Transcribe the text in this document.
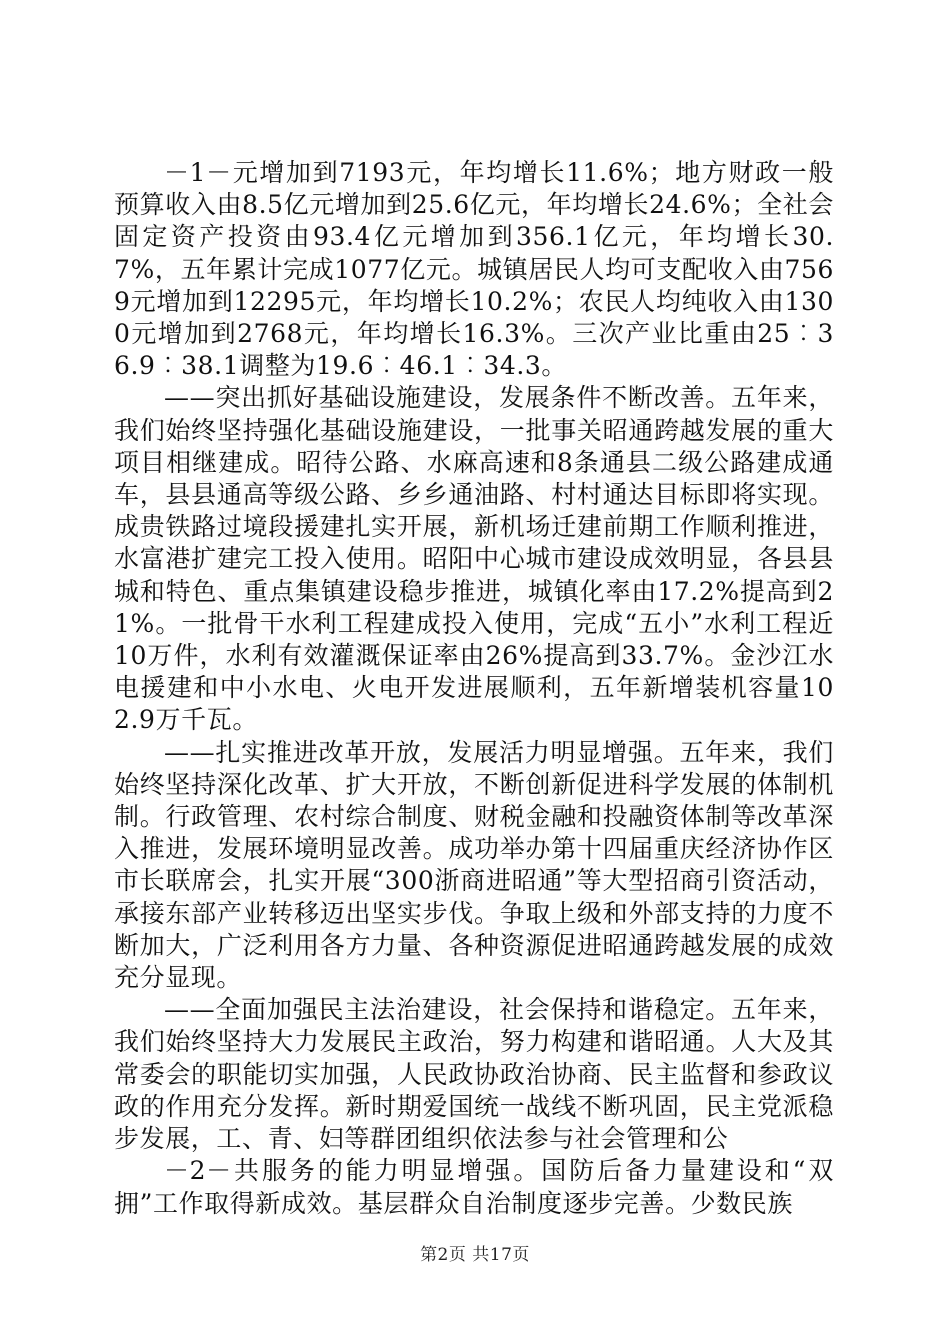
－1－元增加到7193元，年均增长11.6%；地方财政一般预算收入由8.5亿元增加到25.6亿元，年均增长24.6%；全社会固定资产投资由93.4亿元增加到356.1亿元，年均增长30.7%，五年累计完成1077亿元。城镇居民人均可支配收入由7569元增加到12295元，年均增长10.2%；农民人均纯收入由1300元增加到2768元，年均增长16.3%。三次产业比重由25︰36.9︰38.1调整为19.6︰46.1︰34.3。

——突出抓好基础设施建设，发展条件不断改善。五年来，我们始终坚持强化基础设施建设，一批事关昭通跨越发展的重大项目相继建成。昭待公路、水麻高速和8条通县二级公路建成通车，县县通高等级公路、乡乡通油路、村村通达目标即将实现。成贵铁路过境段援建扎实开展，新机场迁建前期工作顺利推进，水富港扩建完工投入使用。昭阳中心城市建设成效明显，各县县城和特色、重点集镇建设稳步推进，城镇化率由17.2%提高到21%。一批骨干水利工程建成投入使用，完成“五小”水利工程近10万件，水利有效灌溉保证率由26%提高到33.7%。金沙江水电援建和中小水电、火电开发进展顺利，五年新增装机容量102.9万千瓦。

——扎实推进改革开放，发展活力明显增强。五年来，我们始终坚持深化改革、扩大开放，不断创新促进科学发展的体制机制。行政管理、农村综合制度、财税金融和投融资体制等改革深入推进，发展环境明显改善。成功举办第十四届重庆经济协作区市长联席会，扎实开展“300浙商进昭通”等大型招商引资活动，承接东部产业转移迈出坚实步伐。争取上级和外部支持的力度不断加大，广泛利用各方力量、各种资源促进昭通跨越发展的成效充分显现。

——全面加强民主法治建设，社会保持和谐稳定。五年来，我们始终坚持大力发展民主政治，努力构建和谐昭通。人大及其常委会的职能切实加强，人民政协政治协商、民主监督和参政议政的作用充分发挥。新时期爱国统一战线不断巩固，民主党派稳步发展，工、青、妇等群团组织依法参与社会管理和公

－2－共服务的能力明显增强。国防后备力量建设和“双拥”工作取得新成效。基层群众自治制度逐步完善。少数民族

第2页 共17页
